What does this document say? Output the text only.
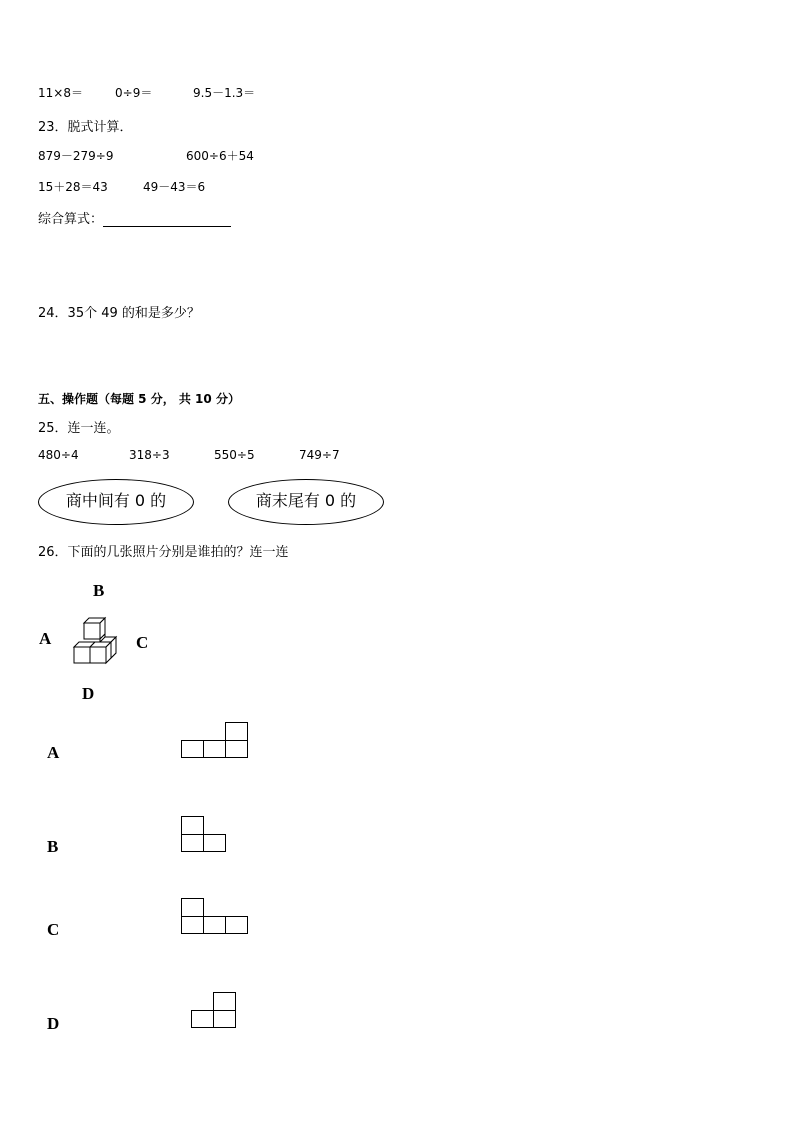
11×8＝	0÷9＝	9.5－1.3＝
23．脱式计算．
879－279÷9	600÷6＋54
15＋28＝43	49－43＝6
综合算式：
24．35个 49 的和是多少？
五、操作题（每题 5 分， 共 10 分）
25．连一连。
480÷4	318÷3	550÷5	749÷7
商中间有 0 的	商末尾有 0 的
26．下面的几张照片分别是谁拍的？连一连
B
A	C
D
A
B
C
D
